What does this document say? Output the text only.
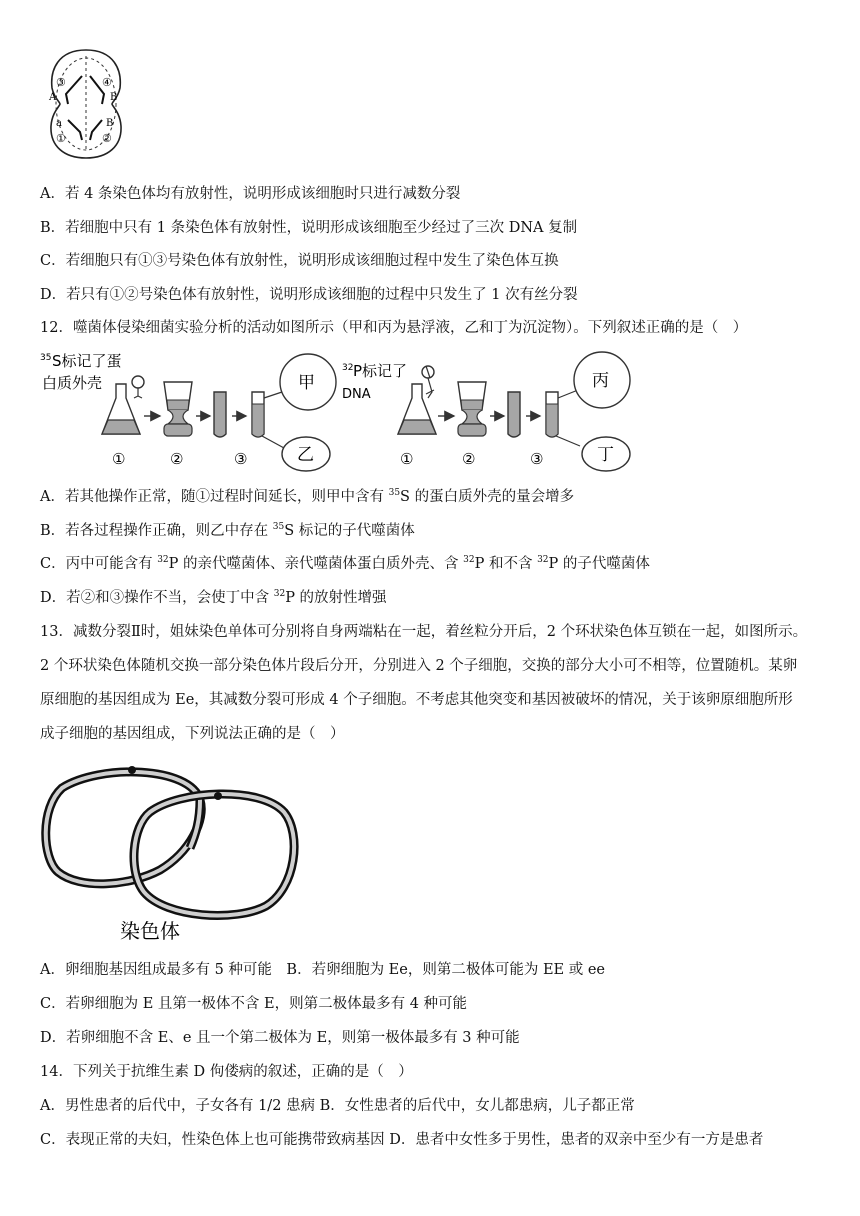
③
A
a
①
④
B
B
②
A．若 4 条染色体均有放射性，说明形成该细胞时只进行减数分裂
B．若细胞中只有 1 条染色体有放射性，说明形成该细胞至少经过了三次 DNA 复制
C．若细胞只有①③号染色体有放射性，说明形成该细胞过程中发生了染色体互换
D．若只有①②号染色体有放射性，说明形成该细胞的过程中只发生了 1 次有丝分裂
12．噬菌体侵染细菌实验分析的活动如图所示（甲和丙为悬浮液，乙和丁为沉淀物）。下列叙述正确的是（　）
35 S标记了蛋
白质外壳	甲
乙
①	②	③
32 P标记了
DNA
丙
丁
①	②	③
A．若其他操作正常，随①过程时间延长，则甲中含有 $^{35}$S 的蛋白质外壳的量会增多
B．若各过程操作正确，则乙中存在 $^{35}$S 标记的子代噬菌体
C．丙中可能含有 $^{32}$P 的亲代噬菌体、亲代噬菌体蛋白质外壳、含 $^{32}$P 和不含 $^{32}$P 的子代噬菌体
D．若②和③操作不当，会使丁中含 $^{32}$P 的放射性增强
13．减数分裂Ⅱ时，姐妹染色单体可分别将自身两端粘在一起，着丝粒分开后，2 个环状染色体互锁在一起，如图所示。
2 个环状染色体随机交换一部分染色体片段后分开，分别进入 2 个子细胞，交换的部分大小可不相等，位置随机。某卵
原细胞的基因组成为 Ee，其减数分裂可形成 4 个子细胞。不考虑其他突变和基因被破坏的情况，关于该卵原细胞所形
成子细胞的基因组成，下列说法正确的是（　）
染色体
A．卵细胞基因组成最多有 5 种可能　B．若卵细胞为 Ee，则第二极体可能为 EE 或 ee
C．若卵细胞为 E 且第一极体不含 E，则第二极体最多有 4 种可能
D．若卵细胞不含 E、e 且一个第二极体为 E，则第一极体最多有 3 种可能
14．下列关于抗维生素 D 佝偻病的叙述，正确的是（　）
A．男性患者的后代中，子女各有 1/2 患病 B．女性患者的后代中，女儿都患病，儿子都正常
C．表现正常的夫妇，性染色体上也可能携带致病基因 D．患者中女性多于男性，患者的双亲中至少有一方是患者
